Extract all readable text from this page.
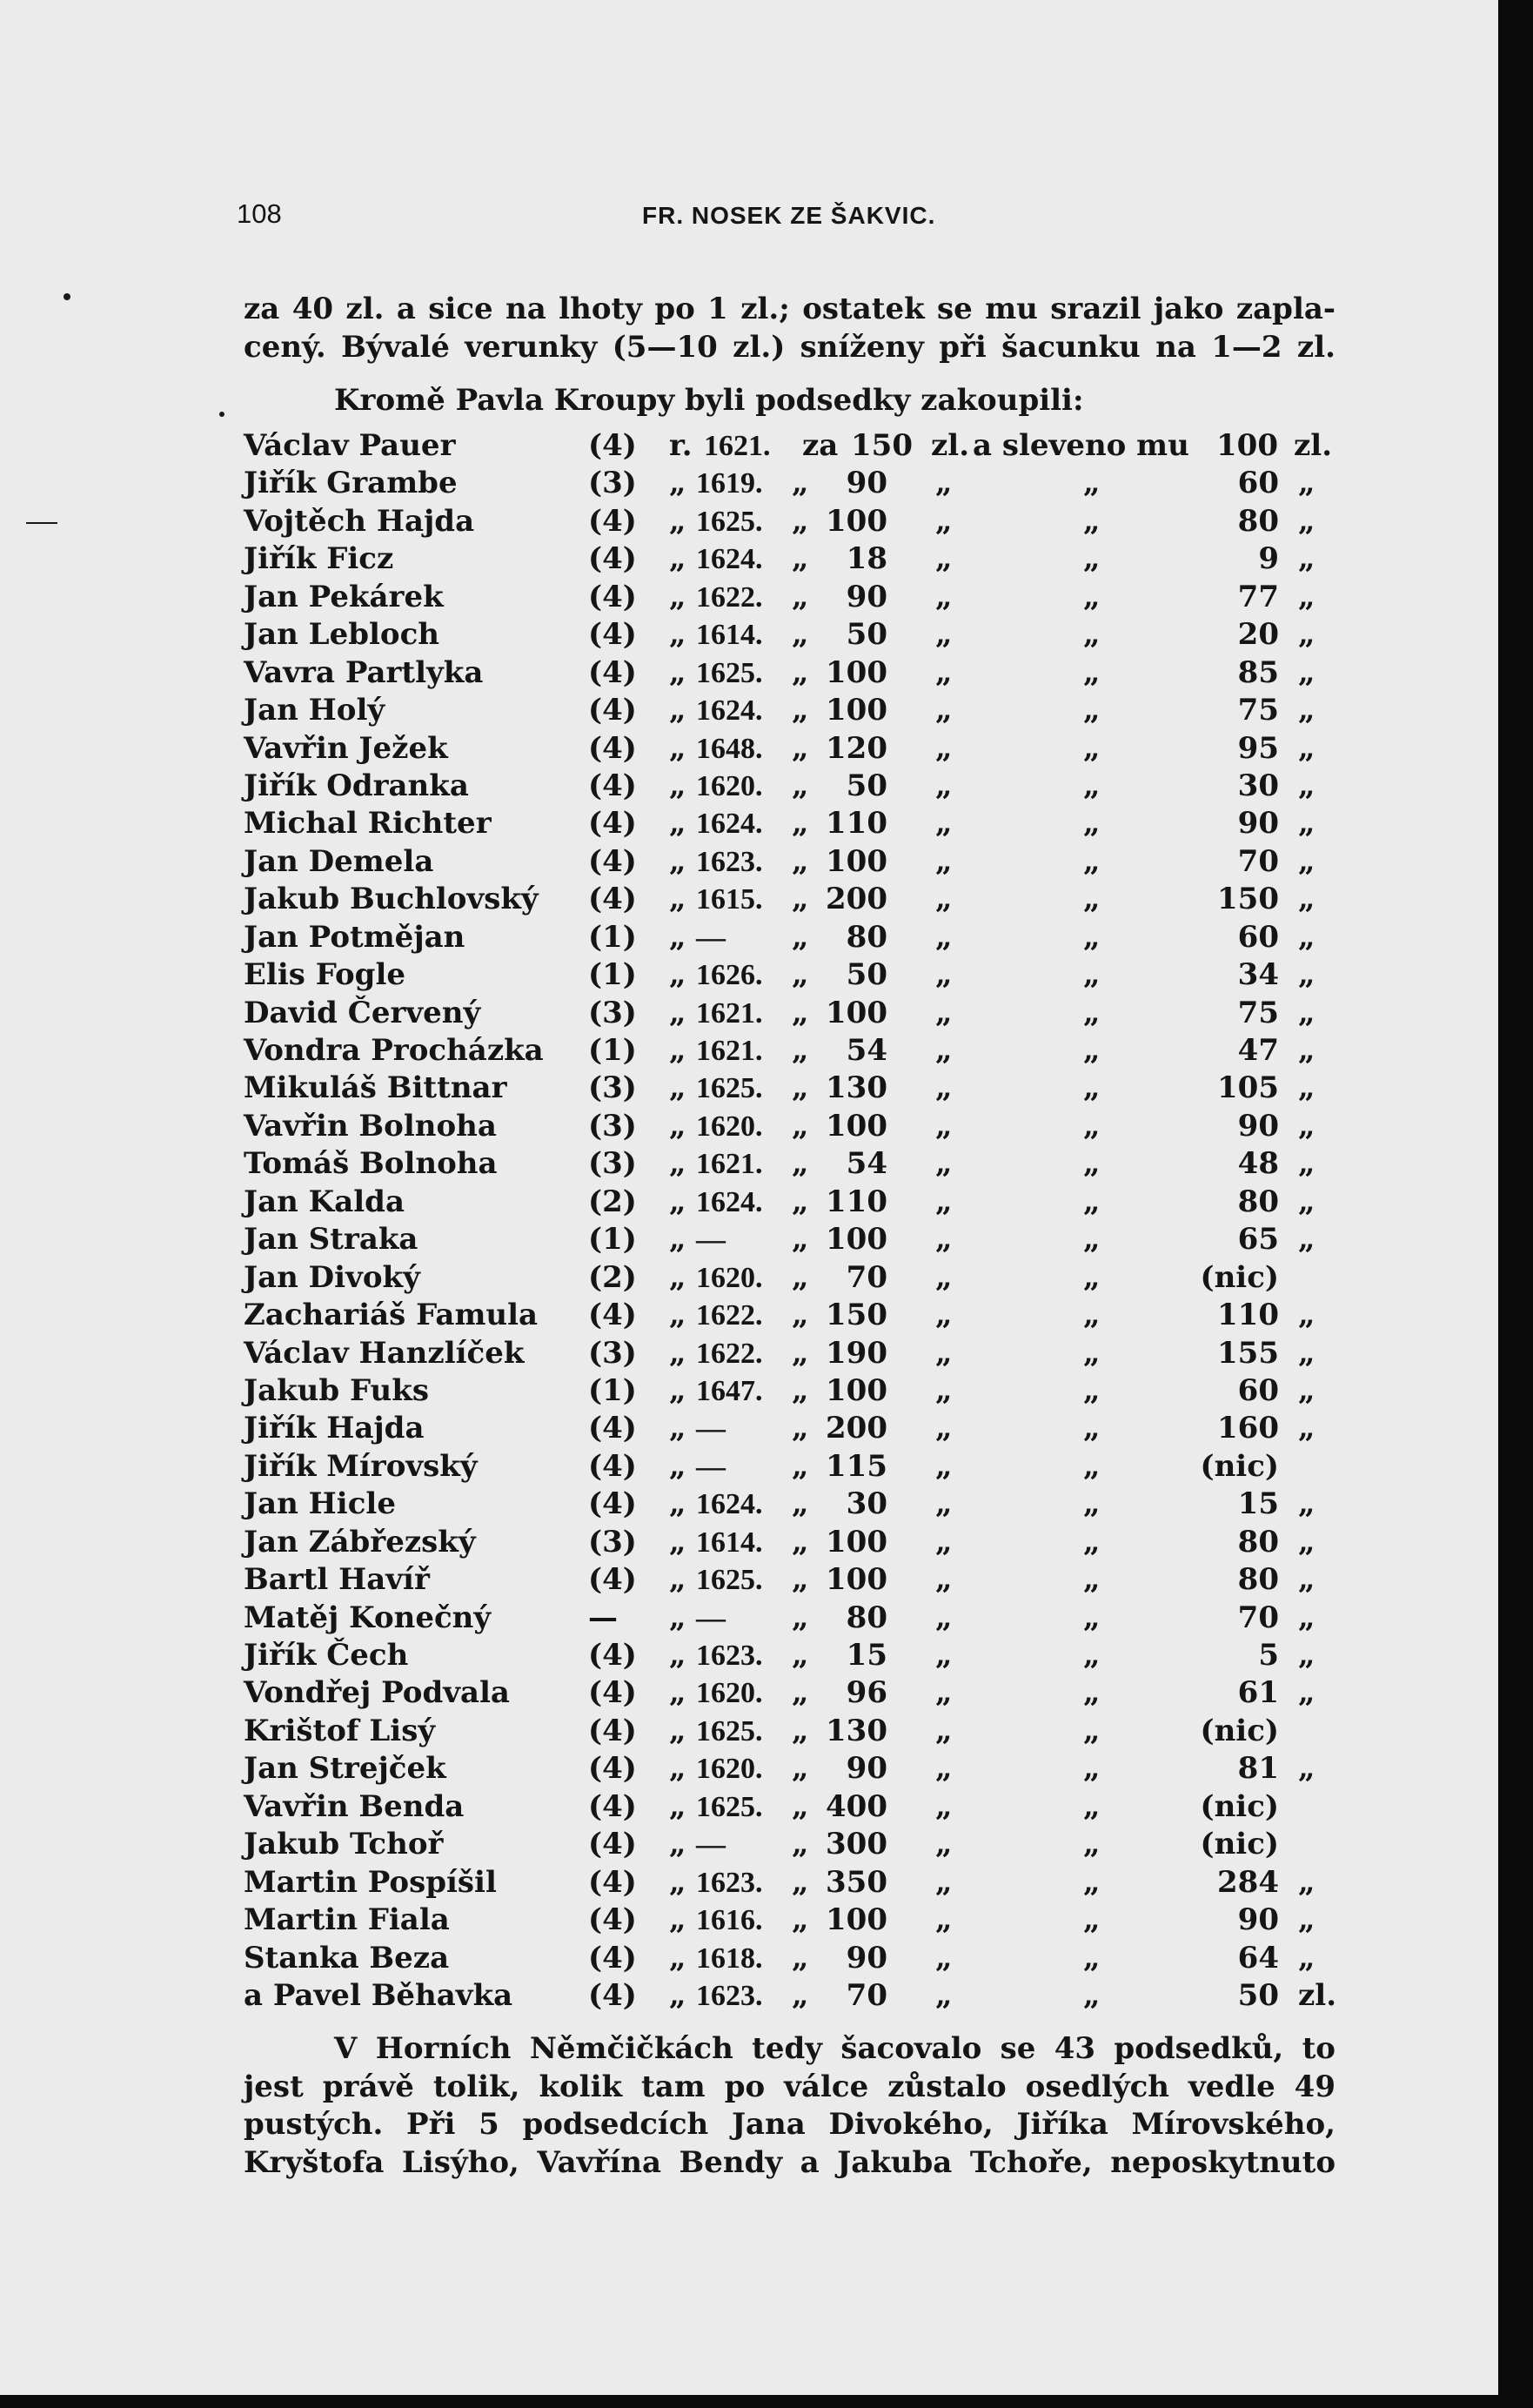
108	FR. NOSEK ZE ŠAKVIC.
za 40 zl. a sice na lhoty po 1 zl.; ostatek se mu srazil jako zapla-
cený. Bývalé verunky (5—10 zl.) sníženy při šacunku na 1—2 zl.
Kromě Pavla Kroupy byli podsedky zakoupili:
Václav Pauer	(4) r. 1621. za 150 zl. a sleveno mu 100 zl.
Jiřík Grambe	(3) „ 1619. „	90 „	„	60 „
Vojtěch Hajda	(4) „ 1625. „ 100 „	„	80 „
Jiřík Ficz	(4) „ 1624. „	18 „	„	9 „
Jan Pekárek	(4) „ 1622. „	90 „	„	77 „
Jan Lebloch	(4) „ 1614. „	50 „	„	20 „
Vavra Partlyka	(4) „ 1625. „ 100 „	„	85 „
Jan Holý	(4) „ 1624. „ 100 „	„	75 „
Vavřin Ježek	(4) „ 1648. „ 120 „	„	95 „
Jiřík Odranka	(4) „ 1620. „	50 „	„	30 „
Michal Richter	(4) „ 1624. „ 110 „	„	90 „
Jan Demela	(4) „ 1623. „ 100 „	„	70 „
Jakub Buchlovský (4) „ 1615. „ 200 „	„	150 „
Jan Potmějan	(1) „ — „	80 „	„	60 „
Elis Fogle	(1) „ 1626. „	50 „	„	34 „
David Červený	(3) „ 1621. „ 100 „	„	75 „
Vondra Procházka (1) „ 1621. „	54 „	„	47 „
Mikuláš Bittnar	(3) „ 1625. „ 130 „	„	105 „
Vavřin Bolnoha	(3) „ 1620. „ 100 „	„	90 „
Tomáš Bolnoha	(3) „ 1621. „	54 „	„	48 „
Jan Kalda	(2) „ 1624. „ 110 „	„	80 „
Jan Straka	(1) „ — „ 100 „	„	65 „
Jan Divoký	(2) „ 1620. „	70 „	„	(nic)
Zachariáš Famula (4) „ 1622. „ 150 „	„	110 „
Václav Hanzlíček (3) „ 1622. „ 190 „	„	155 „
Jakub Fuks	(1) „ 1647. „ 100 „	„	60 „
Jiřík Hajda	(4) „ — „ 200 „	„	160 „
Jiřík Mírovský	(4) „ — „ 115 „	„	(nic)
Jan Hicle	(4) „ 1624. „	30 „	„	15 „
Jan Zábřezský	(3) „ 1614. „ 100 „	„	80 „
Bartl Havíř	(4) „ 1625. „ 100 „	„	80 „
Matěj Konečný	— „ — „	80 „	„	70 „
Jiřík Čech	(4) „ 1623. „	15 „	„	5 „
Vondřej Podvala	(4) „ 1620. „	96 „	„	61 „
Krištof Lisý	(4) „ 1625. „ 130 „	„	(nic)
Jan Strejček	(4) „ 1620. „	90 „	„	81 „
Vavřin Benda	(4) „ 1625. „ 400 „	„	(nic)
Jakub Tchoř	(4) „ — „ 300 „	„	(nic)
Martin Pospíšil	(4) „ 1623. „ 350 „	„	284 „
Martin Fiala	(4) „ 1616. „ 100 „	„	90 „
Stanka Beza	(4) „ 1618. „	90 „	„	64 „
a Pavel Běhavka	(4) „ 1623. „	70 „	„	50 zl.
V Horních Němčičkách tedy šacovalo se 43 podsedků, to
jest právě tolik, kolik tam po válce zůstalo osedlých vedle 49
pustých. Při 5 podsedcích Jana Divokého, Jiříka Mírovského,
Kryštofa Lisýho, Vavřína Bendy a Jakuba Tchoře, neposkytnuto
